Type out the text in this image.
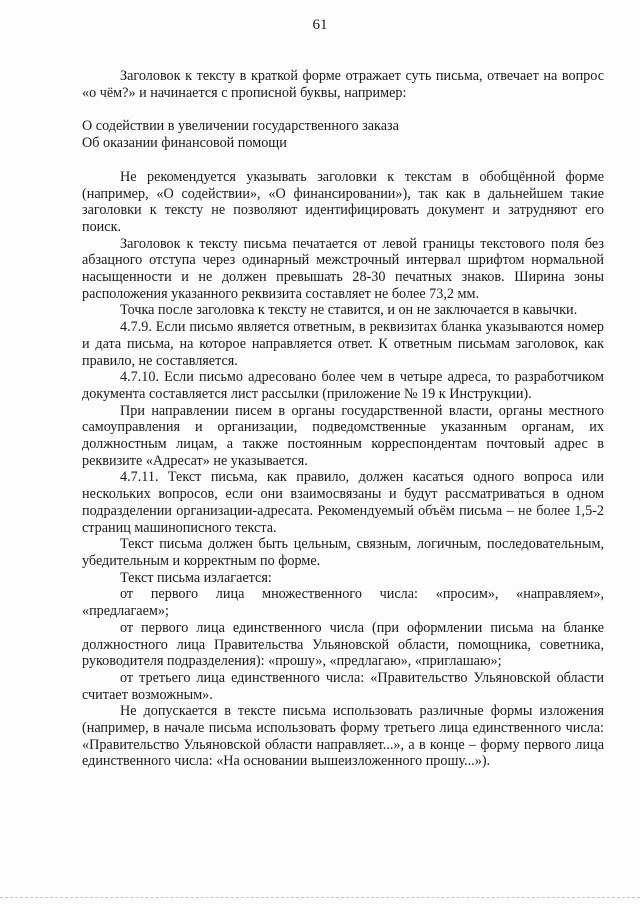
61

Заголовок к тексту в краткой форме отражает суть письма, отвечает на вопрос «о чём?» и начинается с прописной буквы, например:

О содействии в увеличении государственного заказа

Об оказании финансовой помощи

Не рекомендуется указывать заголовки к текстам в обобщённой форме (например, «О содействии», «О финансировании»), так как в дальнейшем такие заголовки к тексту не позволяют идентифицировать документ и затрудняют его поиск.

Заголовок к тексту письма печатается от левой границы текстового поля без абзацного отступа через одинарный межстрочный интервал шрифтом нормальной насыщенности и не должен превышать 28-30 печатных знаков. Ширина зоны расположения указанного реквизита составляет не более 73,2 мм.

Точка после заголовка к тексту не ставится, и он не заключается в кавычки.

4.7.9. Если письмо является ответным, в реквизитах бланка указываются номер и дата письма, на которое направляется ответ. К ответным письмам заголовок, как правило, не составляется.

4.7.10. Если письмо адресовано более чем в четыре адреса, то разработчиком документа составляется лист рассылки (приложение № 19 к Инструкции).

При направлении писем в органы государственной власти, органы местного самоуправления и организации, подведомственные указанным органам, их должностным лицам, а также постоянным корреспондентам почтовый адрес в реквизите «Адресат» не указывается.

4.7.11. Текст письма, как правило, должен касаться одного вопроса или нескольких вопросов, если они взаимосвязаны и будут рассматриваться в одном подразделении организации-адресата. Рекомендуемый объём письма – не более 1,5-2 страниц машинописного текста.

Текст письма должен быть цельным, связным, логичным, последовательным, убедительным и корректным по форме.

Текст письма излагается:

от первого лица множественного числа: «просим», «направляем», «предлагаем»;

от первого лица единственного числа (при оформлении письма на бланке должностного лица Правительства Ульяновской области, помощника, советника, руководителя подразделения): «прошу», «предлагаю», «приглашаю»;

от третьего лица единственного числа: «Правительство Ульяновской области считает возможным».

Не допускается в тексте письма использовать различные формы изложения (например, в начале письма использовать форму третьего лица единственного числа: «Правительство Ульяновской области направляет...», а в конце – форму первого лица единственного числа: «На основании вышеизложенного прошу...»).
